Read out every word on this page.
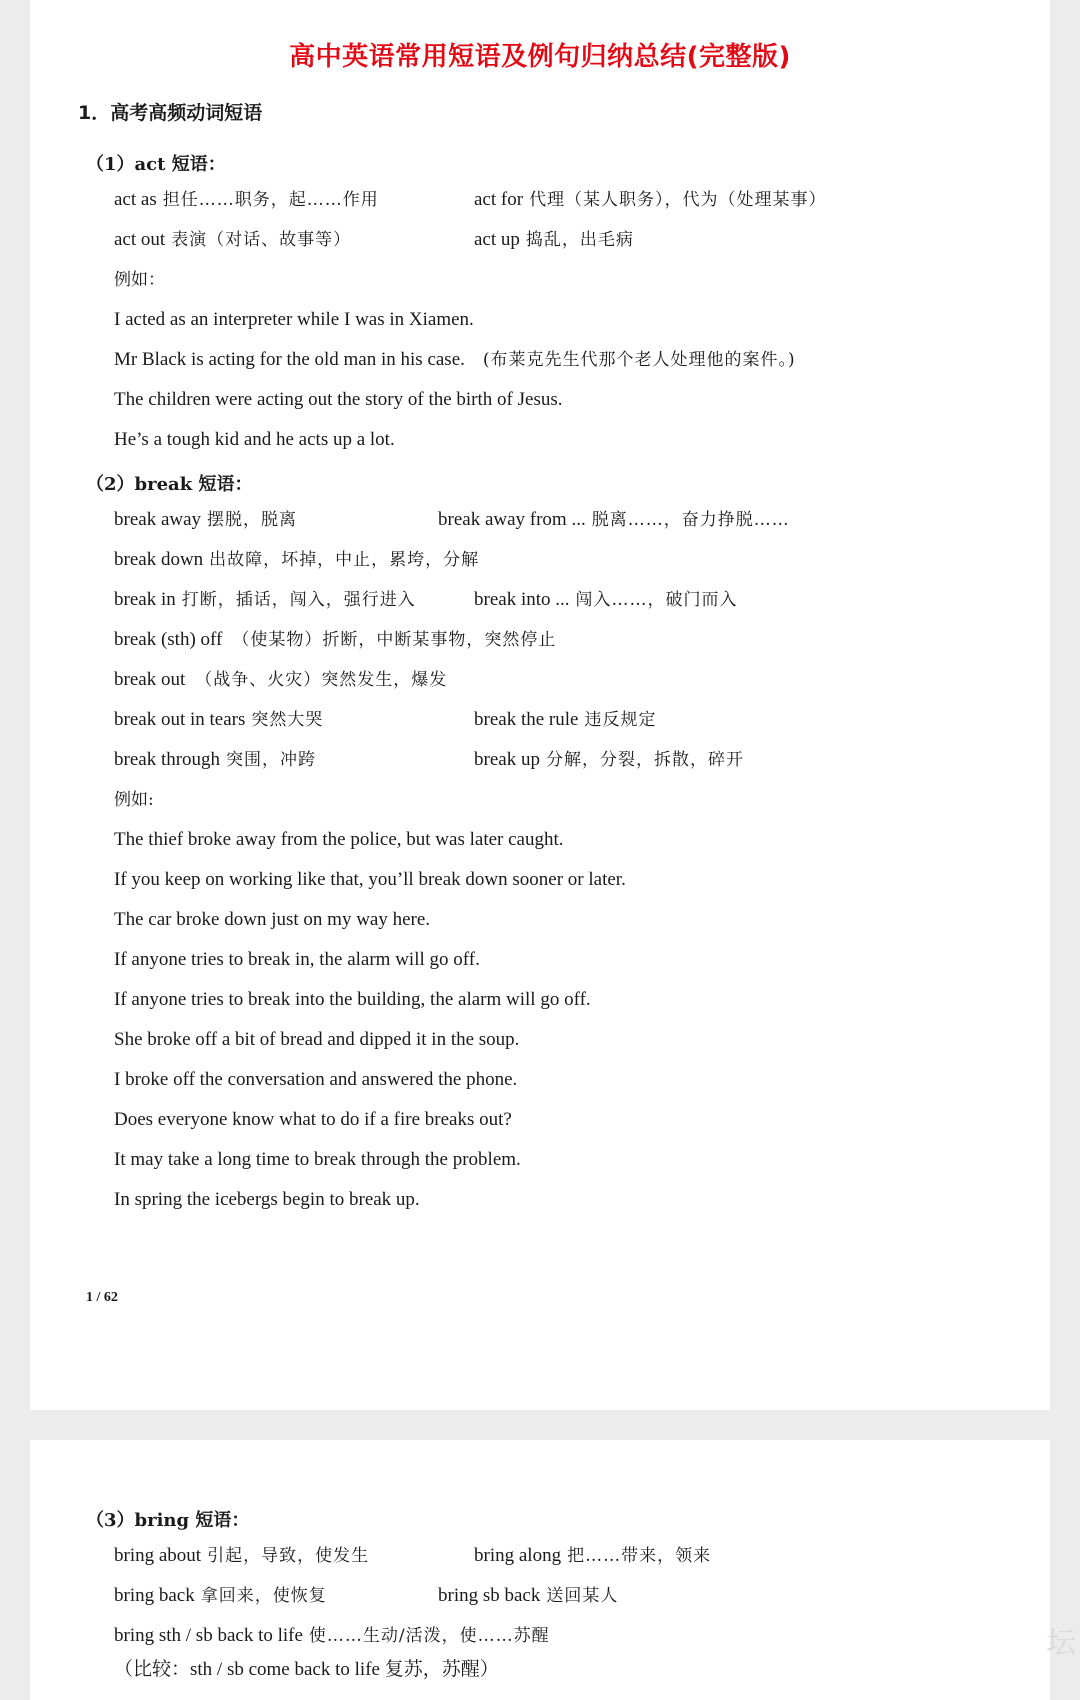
高中英语常用短语及例句归纳总结(完整版)
1．高考高频动词短语
（1）act 短语：
act as 担任……职务，起……作用	act for 代理（某人职务），代为（处理某事）
act out 表演（对话、故事等）	act up 捣乱，出毛病
例如：
I acted as an interpreter while I was in Xiamen.
Mr Black is acting for the old man in his case. (布莱克先生代那个老人处理他的案件。)
The children were acting out the story of the birth of Jesus.
He’s a tough kid and he acts up a lot.
（2）break 短语：
break away 摆脱，脱离	break away from ... 脱离……，奋力挣脱……
break down 出故障，坏掉，中止，累垮，分解
break in 打断，插话，闯入，强行进入	break into ... 闯入……，破门而入
break (sth) off （使某物）折断，中断某事物，突然停止
break out （战争、火灾）突然发生，爆发
break out in tears 突然大哭	break the rule 违反规定
break through 突围，冲跨	break up 分解，分裂，拆散，碎开
例如:
The thief broke away from the police, but was later caught.
If you keep on working like that, you’ll break down sooner or later.
The car broke down just on my way here.
If anyone tries to break in, the alarm will go off.
If anyone tries to break into the building, the alarm will go off.
She broke off a bit of bread and dipped it in the soup.
I broke off the conversation and answered the phone.
Does everyone know what to do if a fire breaks out?
It may take a long time to break through the problem.
In spring the icebergs begin to break up.
1 / 62
（3）bring 短语：
bring about 引起，导致，使发生	bring along 把……带来，领来
bring back 拿回来，使恢复	bring sb back 送回某人
bring sth / sb back to life 使……生动/活泼，使……苏醒
（比较：sth / sb come back to life 复苏，苏醒）
坛
